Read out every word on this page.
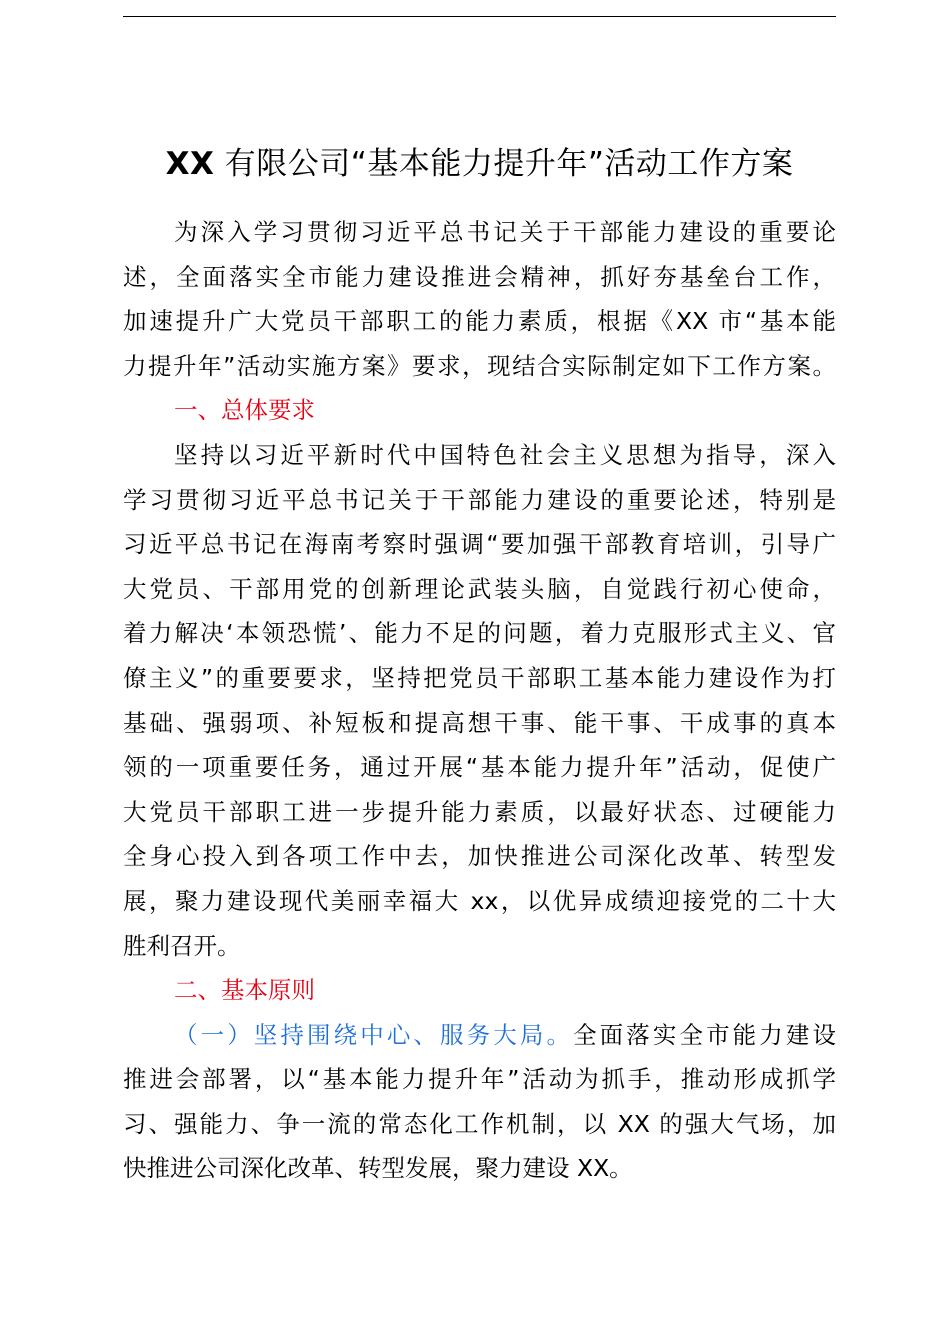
XX 有限公司“基本能力提升年”活动工作方案
为深入学习贯彻习近平总书记关于干部能力建设的重要论
述，全面落实全市能力建设推进会精神，抓好夯基垒台工作，
加速提升广大党员干部职工的能力素质，根据《XX 市“基本能
力提升年”活动实施方案》要求，现结合实际制定如下工作方案。
一、总体要求
坚持以习近平新时代中国特色社会主义思想为指导，深入
学习贯彻习近平总书记关于干部能力建设的重要论述，特别是
习近平总书记在海南考察时强调“要加强干部教育培训，引导广
大党员、干部用党的创新理论武装头脑，自觉践行初心使命，
着力解决‘本领恐慌’、能力不足的问题，着力克服形式主义、官
僚主义”的重要要求，坚持把党员干部职工基本能力建设作为打
基础、强弱项、补短板和提高想干事、能干事、干成事的真本
领的一项重要任务，通过开展“基本能力提升年”活动，促使广
大党员干部职工进一步提升能力素质，以最好状态、过硬能力
全身心投入到各项工作中去，加快推进公司深化改革、转型发
展，聚力建设现代美丽幸福大 xx，以优异成绩迎接党的二十大
胜利召开。
二、基本原则
（一）坚持围绕中心、服务大局。全面落实全市能力建设
推进会部署，以“基本能力提升年”活动为抓手，推动形成抓学
习、强能力、争一流的常态化工作机制，以 XX 的强大气场，加
快推进公司深化改革、转型发展，聚力建设 XX。
